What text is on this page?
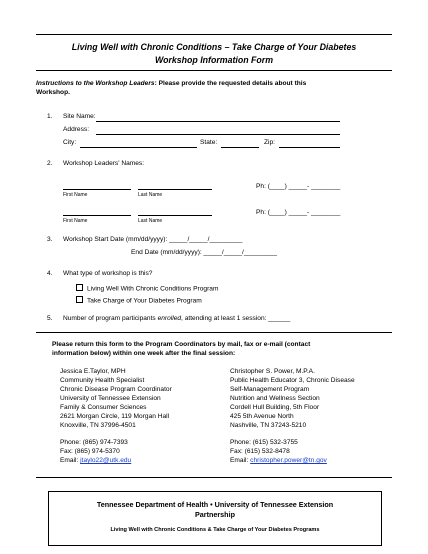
Living Well with Chronic Conditions – Take Charge of Your Diabetes
Workshop Information Form
Instructions to the Workshop Leaders: Please provide the requested details about this
Workshop.
1. Site Name:
Address:
City:	State:	Zip:
2. Workshop Leaders' Names:
Ph: (____) _____- ________
First Name	Last Name
Ph: (____) _____- ________
First Name	Last Name
3. Workshop Start Date (mm/dd/yyyy): _____/_____/_________
End Date (mm/dd/yyyy): _____/_____/_________
4. What type of workshop is this?
Living Well With Chronic Conditions Program
Take Charge of Your Diabetes Program
5. Number of program participants enrolled, attending at least 1 session: ______
Please return this form to the Program Coordinators by mail, fax or e-mail (contact
information below) within one week after the final session:
Jessica E.Taylor, MPH
Community Health Specialist
Chronic Disease Program Coordinator
University of Tennessee Extension
Family & Consumer Sciences
2621 Morgan Circle, 119 Morgan Hall
Knoxville, TN 37996-4501
Phone: (865) 974-7393
Fax: (865) 974-5370
Email: jtaylo22@utk.edu
Christopher S. Power, M.P.A.
Public Health Educator 3, Chronic Disease
Self-Management Program
Nutrition and Wellness Section
Cordell Hull Building, 5th Floor
425 5th Avenue North
Nashville, TN 37243-5210
Phone: (615) 532-3755
Fax: (615) 532-8478
Email: christopher.power@tn.gov
Tennessee Department of Health • University of Tennessee Extension
Partnership
Living Well with Chronic Conditions & Take Charge of Your Diabetes Programs
